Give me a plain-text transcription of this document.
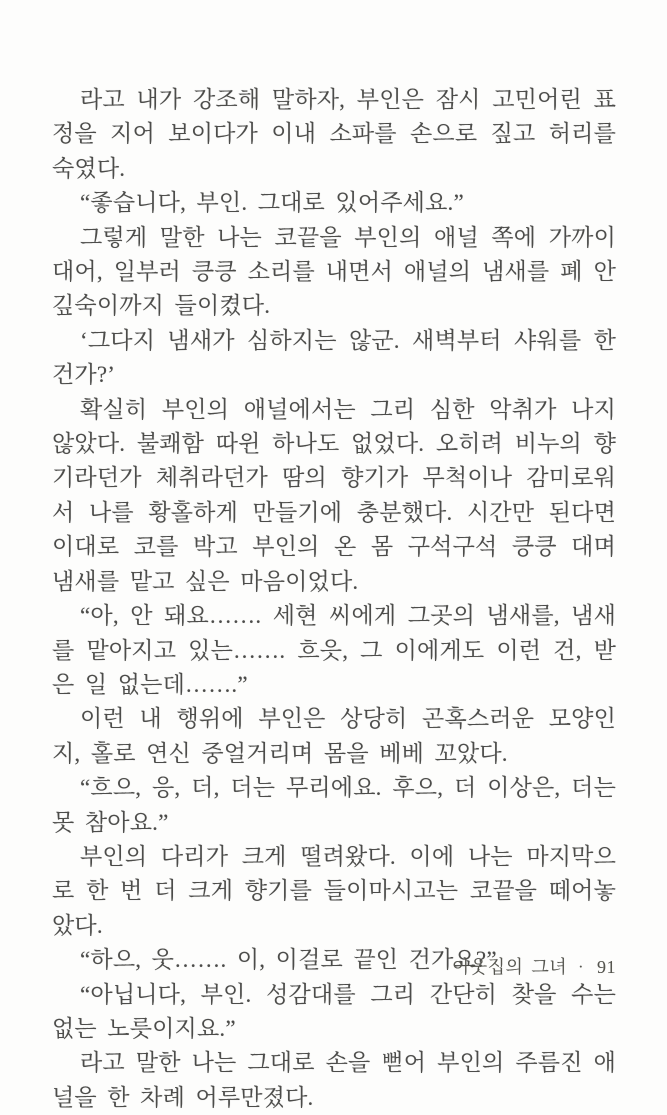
라고 내가 강조해 말하자, 부인은 잠시 고민어린 표정을 지어 보이다가 이내 소파를 손으로 짚고 허리를 숙였다.

“좋습니다, 부인. 그대로 있어주세요.”

그렇게 말한 나는 코끝을 부인의 애널 쪽에 가까이 대어, 일부러 킁킁 소리를 내면서 애널의 냄새를 폐 안 깊숙이까지 들이켰다.

‘그다지 냄새가 심하지는 않군. 새벽부터 샤워를 한 건가?’

확실히 부인의 애널에서는 그리 심한 악취가 나지 않았다. 불쾌함 따윈 하나도 없었다. 오히려 비누의 향기라던가 체취라던가 땀의 향기가 무척이나 감미로워서 나를 황홀하게 만들기에 충분했다. 시간만 된다면 이대로 코를 박고 부인의 온 몸 구석구석 킁킁 대며 냄새를 맡고 싶은 마음이었다.

“아, 안 돼요……. 세현 씨에게 그곳의 냄새를, 냄새를 맡아지고 있는……. 흐읏, 그 이에게도 이런 건, 받은 일 없는데…….”

이런 내 행위에 부인은 상당히 곤혹스러운 모양인지, 홀로 연신 중얼거리며 몸을 베베 꼬았다.

“흐으, 응, 더, 더는 무리에요. 후으, 더 이상은, 더는 못 참아요.”

부인의 다리가 크게 떨려왔다. 이에 나는 마지막으로 한 번 더 크게 향기를 들이마시고는 코끝을 떼어놓았다.

“하으, 웃……. 이, 이걸로 끝인 건가요?”

“아닙니다, 부인. 성감대를 그리 간단히 찾을 수는 없는 노릇이지요.”

라고 말한 나는 그대로 손을 뻗어 부인의 주름진 애널을 한 차례 어루만졌다.

이웃집의 그녀 · 91
